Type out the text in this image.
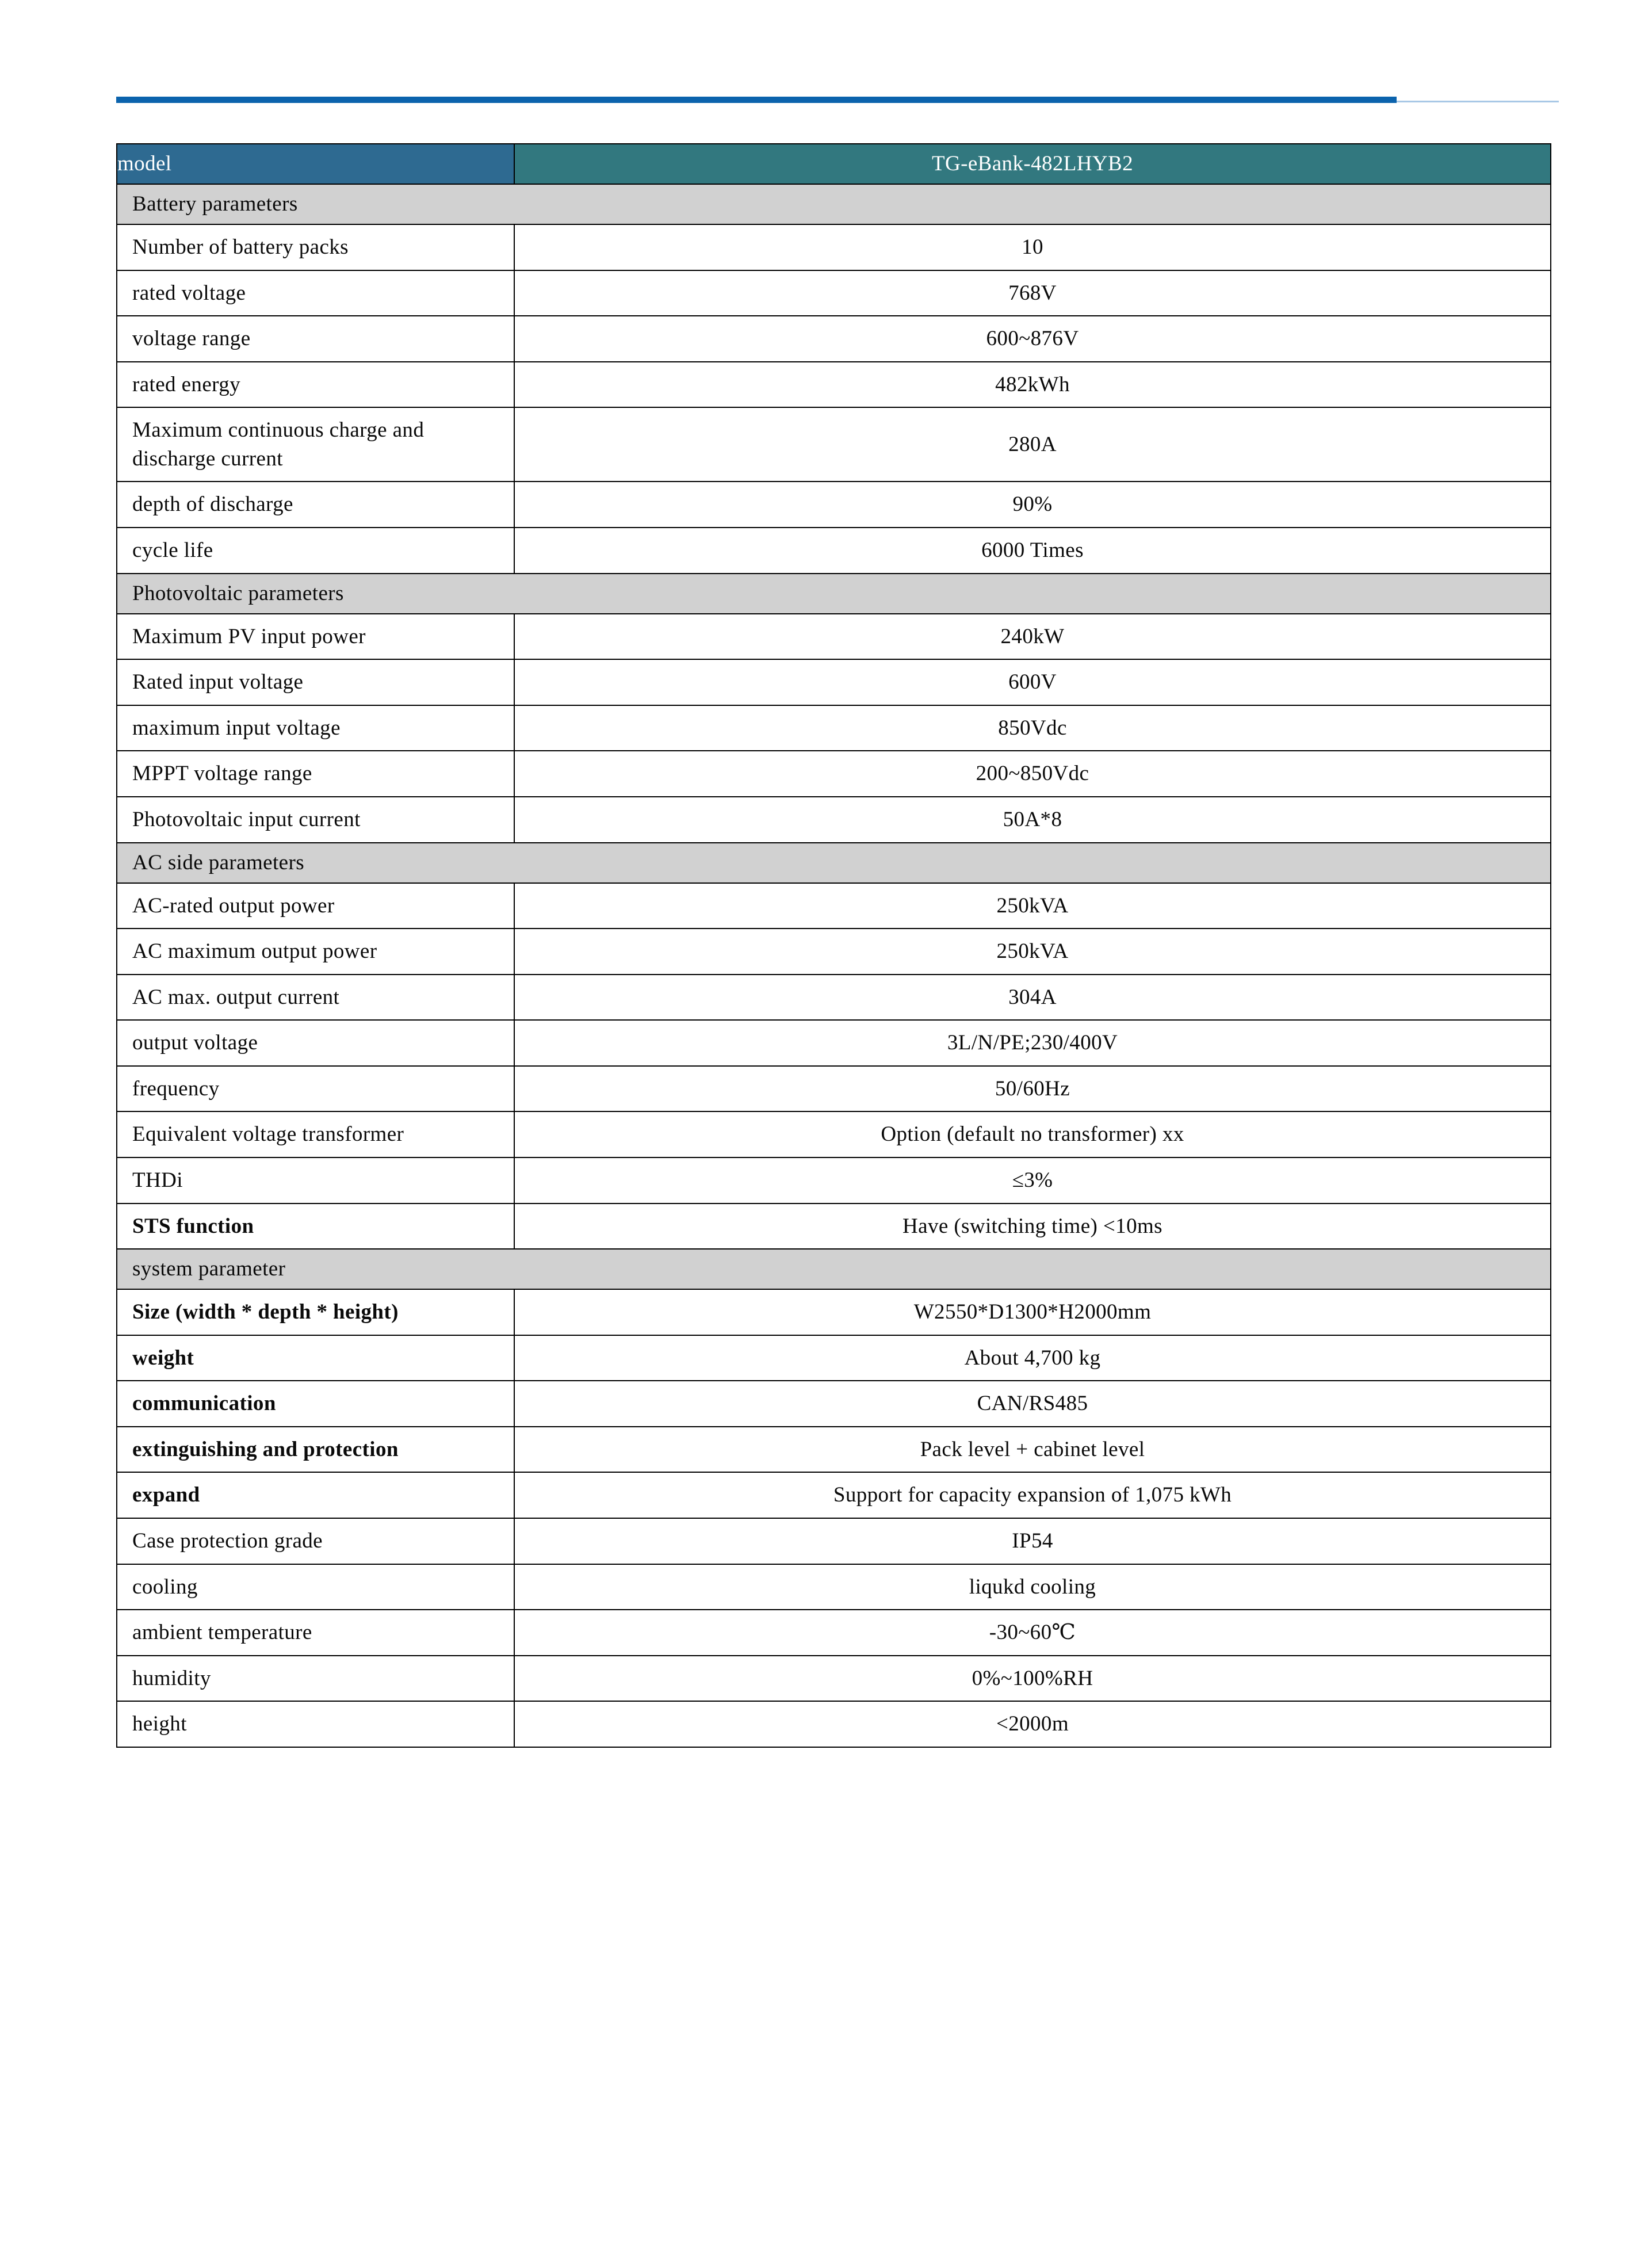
model	TG-eBank-482LHYB2
Battery parameters	
Number of battery packs	10
rated voltage	768V
voltage range	600~876V
rated energy	482kWh
Maximum continuous charge and discharge current	280A
depth of discharge	90%
cycle life	6000 Times
Photovoltaic parameters	
Maximum PV input power	240kW
Rated input voltage	600V
maximum input voltage	850Vdc
MPPT voltage range	200~850Vdc
Photovoltaic input current	50A*8
AC side parameters	
AC-rated output power	250kVA
AC maximum output power	250kVA
AC max. output current	304A
output voltage	3L/N/PE;230/400V
frequency	50/60Hz
Equivalent voltage transformer	Option (default no transformer) xx
THDi	≤3%
STS function	Have (switching time) <10ms
system parameter	
Size (width * depth * height)	W2550*D1300*H2000mm
weight	About 4,700 kg
communication	CAN/RS485
extinguishing and protection	Pack level + cabinet level
expand	Support for capacity expansion of 1,075 kWh
Case protection grade	IP54
cooling	liqukd cooling
ambient temperature	-30~60℃
humidity	0%~100%RH
height	<2000m
